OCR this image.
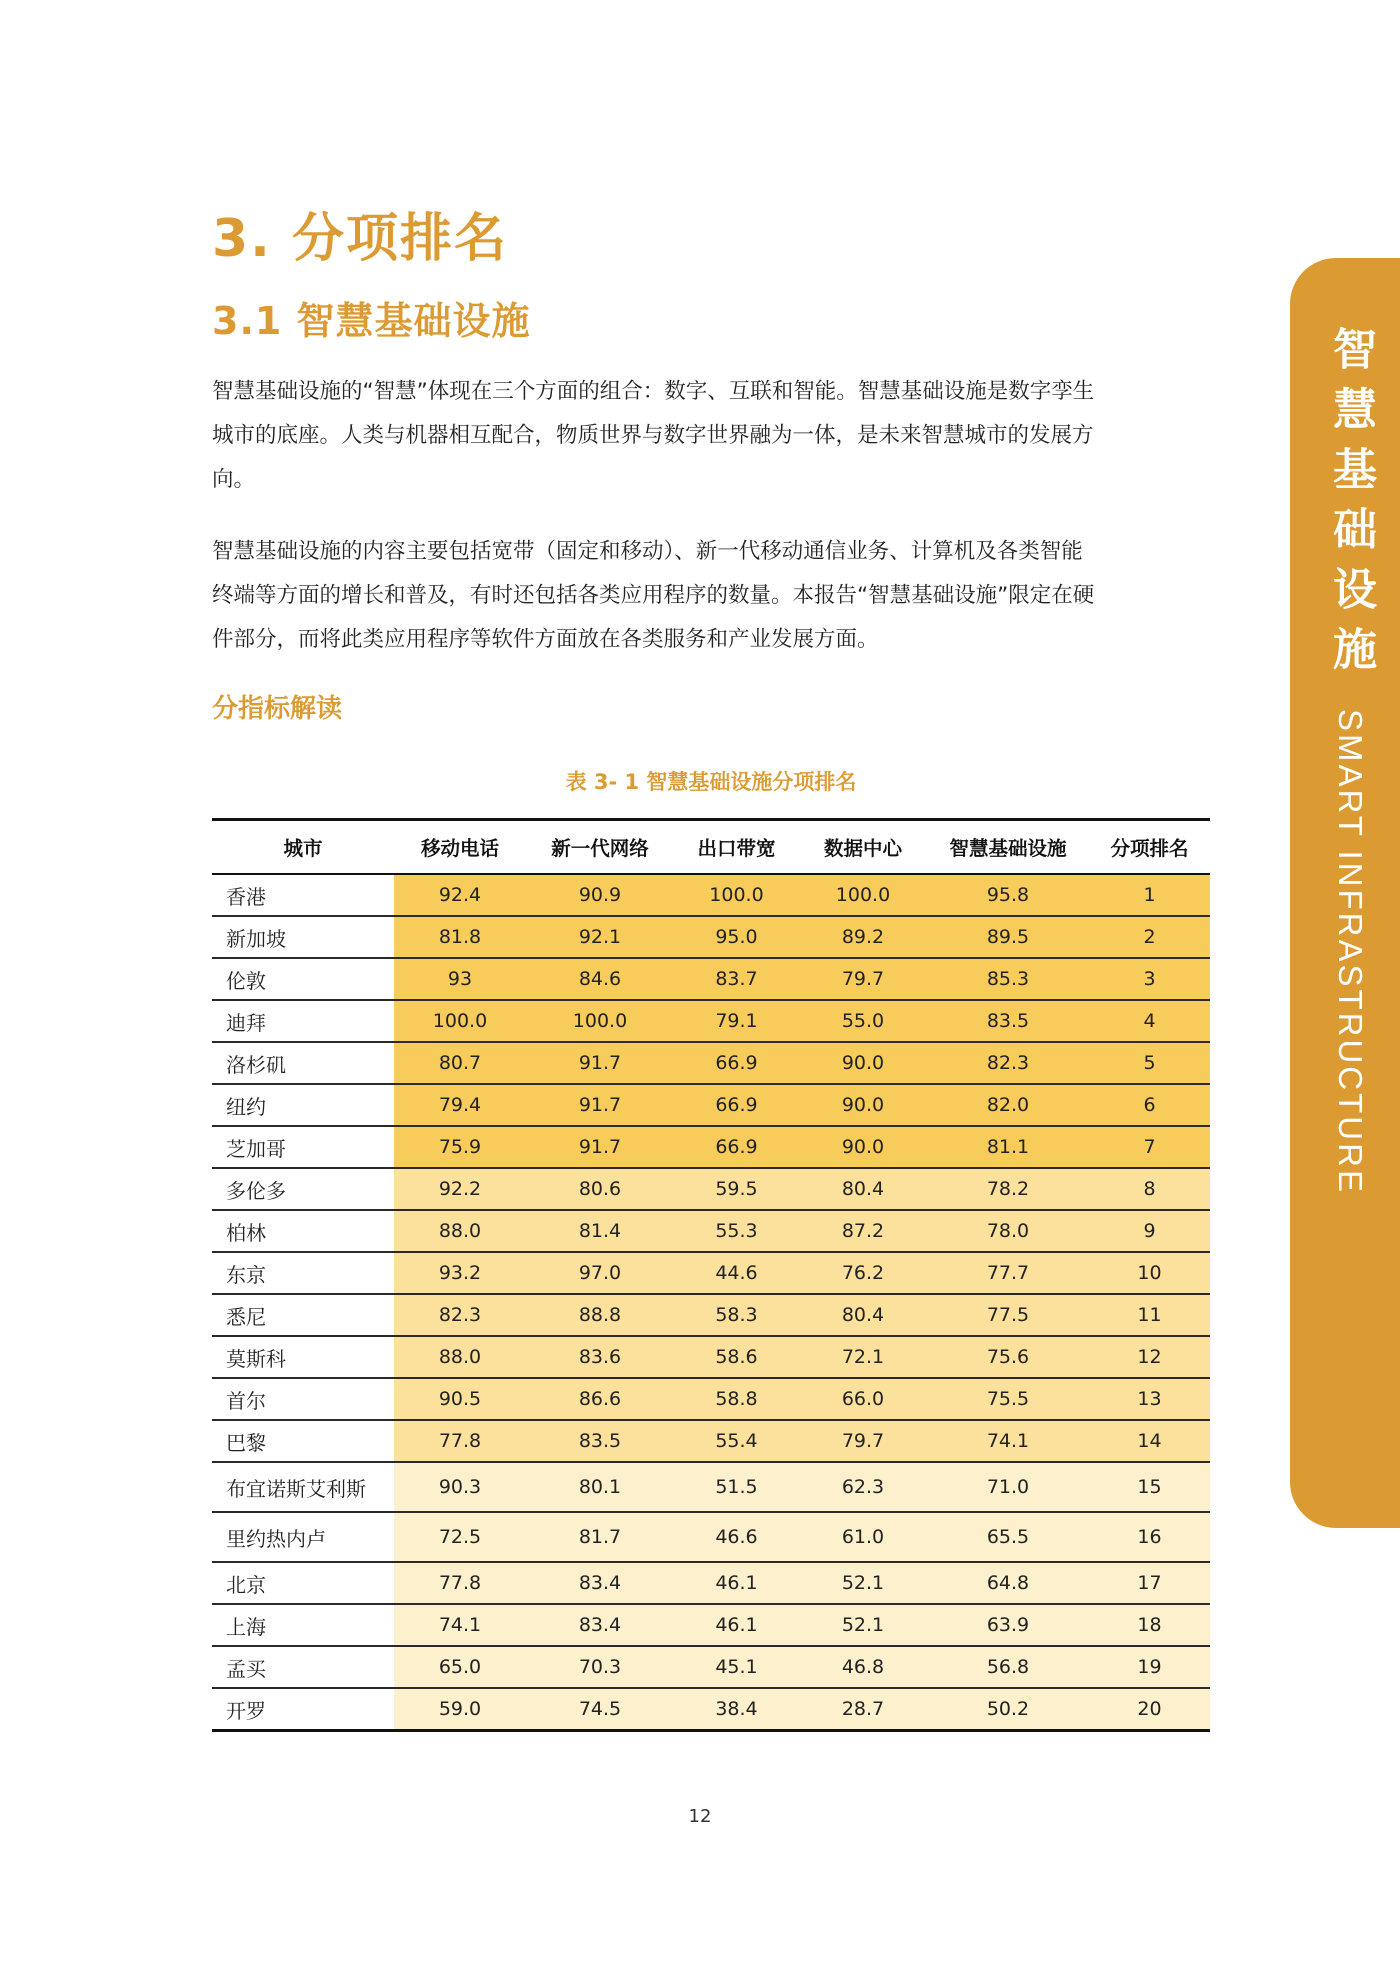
3. 分项排名
3.1 智慧基础设施

智慧基础设施的“智慧”体现在三个方面的组合：数字、互联和智能。智慧基础设施是数字孪生城市的底座。人类与机器相互配合，物质世界与数字世界融为一体，是未来智慧城市的发展方向。

智慧基础设施的内容主要包括宽带（固定和移动）、新一代移动通信业务、计算机及各类智能终端等方面的增长和普及，有时还包括各类应用程序的数量。本报告“智慧基础设施”限定在硬件部分，而将此类应用程序等软件方面放在各类服务和产业发展方面。

分指标解读
表 3- 1 智慧基础设施分项排名
城市	移动电话	新一代网络	出口带宽	数据中心	智慧基础设施	分项排名
香港	92.4	90.9	100.0	100.0	95.8	1
新加坡	81.8	92.1	95.0	89.2	89.5	2
伦敦	93	84.6	83.7	79.7	85.3	3
迪拜	100.0	100.0	79.1	55.0	83.5	4
洛杉矶	80.7	91.7	66.9	90.0	82.3	5
纽约	79.4	91.7	66.9	90.0	82.0	6
芝加哥	75.9	91.7	66.9	90.0	81.1	7
多伦多	92.2	80.6	59.5	80.4	78.2	8
柏林	88.0	81.4	55.3	87.2	78.0	9
东京	93.2	97.0	44.6	76.2	77.7	10
悉尼	82.3	88.8	58.3	80.4	77.5	11
莫斯科	88.0	83.6	58.6	72.1	75.6	12
首尔	90.5	86.6	58.8	66.0	75.5	13
巴黎	77.8	83.5	55.4	79.7	74.1	14
布宜诺斯艾利斯	90.3	80.1	51.5	62.3	71.0	15
里约热内卢	72.5	81.7	46.6	61.0	65.5	16
北京	77.8	83.4	46.1	52.1	64.8	17
上海	74.1	83.4	46.1	52.1	63.9	18
孟买	65.0	70.3	45.1	46.8	56.8	19
开罗	59.0	74.5	38.4	28.7	50.2	20
智慧基础设施 SMART INFRASTRUCTURE
12
